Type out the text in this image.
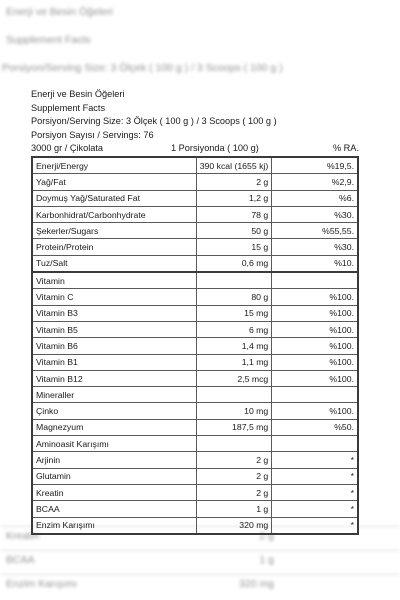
Enerji ve Besin Öğeleri
Supplement Facts
Porsiyon/Serving Size: 3 Ölçek ( 100 g ) / 3 Scoops ( 100 g )
Kreatin	2 g
BCAA	1 g
Enzim Karışımı	320 mg
Enerji ve Besin Öğeleri
Supplement Facts
Porsiyon/Serving Size: 3 Ölçek ( 100 g ) / 3 Scoops ( 100 g )
Porsiyon Sayısı / Servings: 76
3000 gr / Çikolata	1 Porsiyonda ( 100 g)	% RA.
Enerji/Energy	390 kcal (1655 kj)	%19,5.
Yağ/Fat	2 g	%2,9.
Doymuş Yağ/Saturated Fat	1,2 g	%6.
Karbonhidrat/Carbonhydrate	78 g	%30.
Şekerler/Sugars	50 g	%55,55.
Protein/Protein	15 g	%30.
Tuz/Salt	0,6 mg	%10.
Vitamin		
Vitamin C	80 g	%100.
Vitamin B3	15 mg	%100.
Vitamin B5	6 mg	%100.
Vitamin B6	1,4 mg	%100.
Vitamin B1	1,1 mg	%100.
Vitamin B12	2,5 mcg	%100.
Mineraller		
Çinko	10 mg	%100.
Magnezyum	187,5 mg	%50.
Aminoasit Karışımı		
Arjinin	2 g	*
Glutamin	2 g	*
Kreatin	2 g	*
BCAA	1 g	*
Enzim Karışımı	320 mg	*
